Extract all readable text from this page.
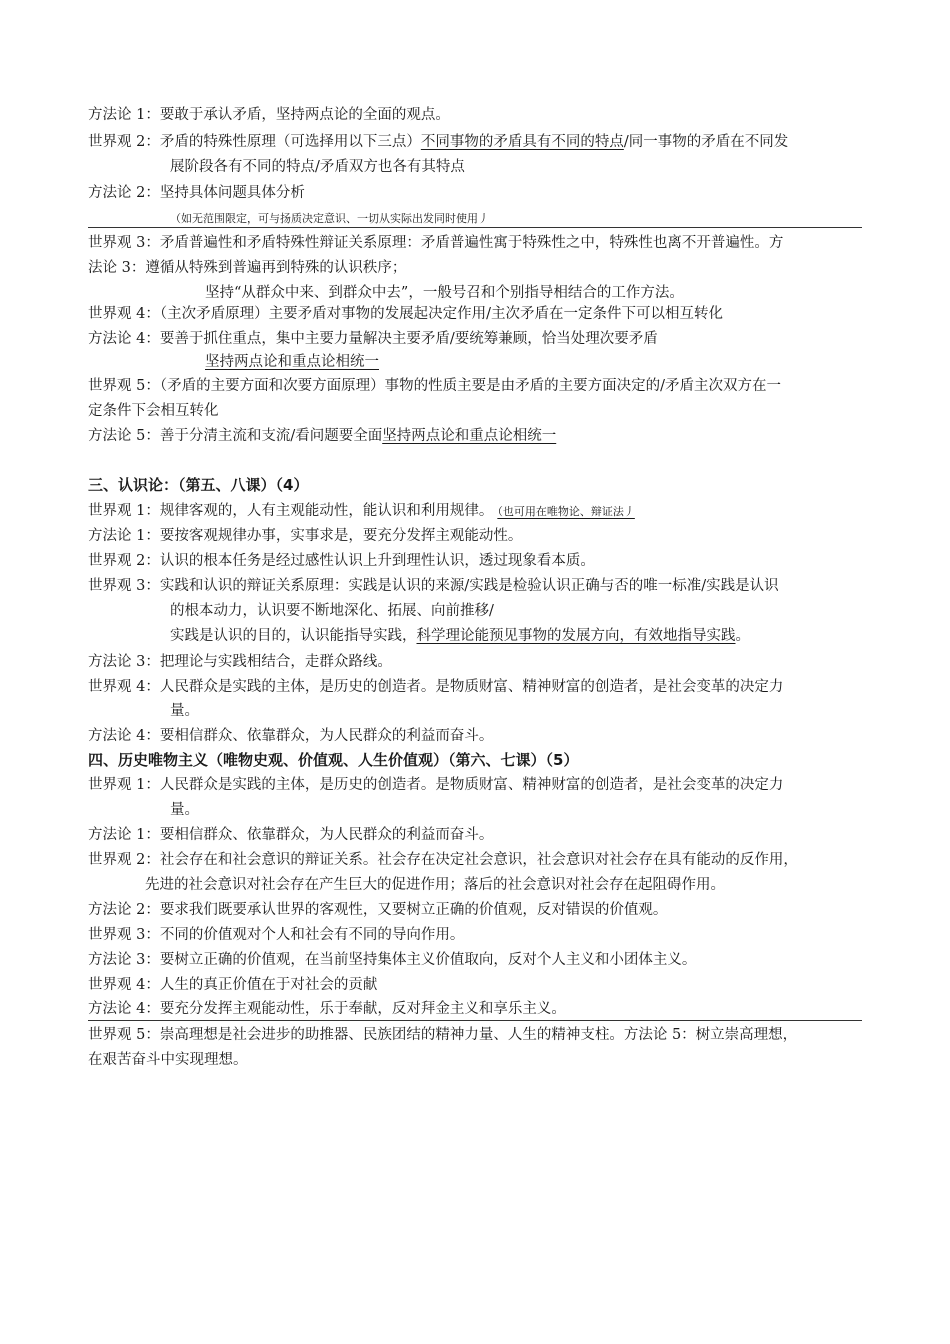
方法论 1：要敢于承认矛盾，坚持两点论的全面的观点。
世界观 2：矛盾的特殊性原理（可选择用以下三点）不同事物的矛盾具有不同的特点/同一事物的矛盾在不同发
展阶段各有不同的特点/矛盾双方也各有其特点
方法论 2：坚持具体问题具体分析
（如无范围限定，可与扬质决定意识、一切从实际出发同时使用丿
世界观 3：矛盾普遍性和矛盾特殊性辩证关系原理：矛盾普遍性寓于特殊性之中，特殊性也离不开普遍性。方
法论 3：遵循从特殊到普遍再到特殊的认识秩序；
坚持“从群众中来、到群众中去”，一般号召和个别指导相结合的工作方法。
世界观 4：（主次矛盾原理）主要矛盾对事物的发展起决定作用/主次矛盾在一定条件下可以相互转化
方法论 4：要善于抓住重点，集中主要力量解决主要矛盾/要统筹兼顾，恰当处理次要矛盾
坚持两点论和重点论相统一
世界观 5：（矛盾的主要方面和次要方面原理）事物的性质主要是由矛盾的主要方面决定的/矛盾主次双方在一
定条件下会相互转化
方法论 5：善于分清主流和支流/看问题要全面坚持两点论和重点论相统一
三、认识论：（第五、八课）（4）
世界观 1：规律客观的，人有主观能动性，能认识和利用规律。 （也可用在唯物论、辩证法丿
方法论 1：要按客观规律办事，实事求是，要充分发挥主观能动性。
世界观 2：认识的根本任务是经过感性认识上升到理性认识，透过现象看本质。
世界观 3：实践和认识的辩证关系原理：实践是认识的来源/实践是检验认识正确与否的唯一标准/实践是认识
的根本动力，认识要不断地深化、拓展、向前推移/
实践是认识的目的，认识能指导实践，科学理论能预见事物的发展方向，有效地指导实践。
方法论 3：把理论与实践相结合，走群众路线。
世界观 4：人民群众是实践的主体，是历史的创造者。是物质财富、精神财富的创造者，是社会变革的决定力
量。
方法论 4：要相信群众、依靠群众，为人民群众的利益而奋斗。
四、历史唯物主义（唯物史观、价值观、人生价值观）（第六、七课）（5）
世界观 1：人民群众是实践的主体，是历史的创造者。是物质财富、精神财富的创造者，是社会变革的决定力
量。
方法论 1：要相信群众、依靠群众，为人民群众的利益而奋斗。
世界观 2：社会存在和社会意识的辩证关系。社会存在决定社会意识，社会意识对社会存在具有能动的反作用，
先进的社会意识对社会存在产生巨大的促进作用；落后的社会意识对社会存在起阻碍作用。
方法论 2：要求我们既要承认世界的客观性，又要树立正确的价值观，反对错误的价值观。
世界观 3：不同的价值观对个人和社会有不同的导向作用。
方法论 3：要树立正确的价值观，在当前坚持集体主义价值取向，反对个人主义和小团体主义。
世界观 4：人生的真正价值在于对社会的贡献
方法论 4：要充分发挥主观能动性，乐于奉献，反对拜金主义和享乐主义。
世界观 5：崇高理想是社会进步的助推器、民族团结的精神力量、人生的精神支柱。方法论 5：树立崇高理想，
在艰苦奋斗中实现理想。
